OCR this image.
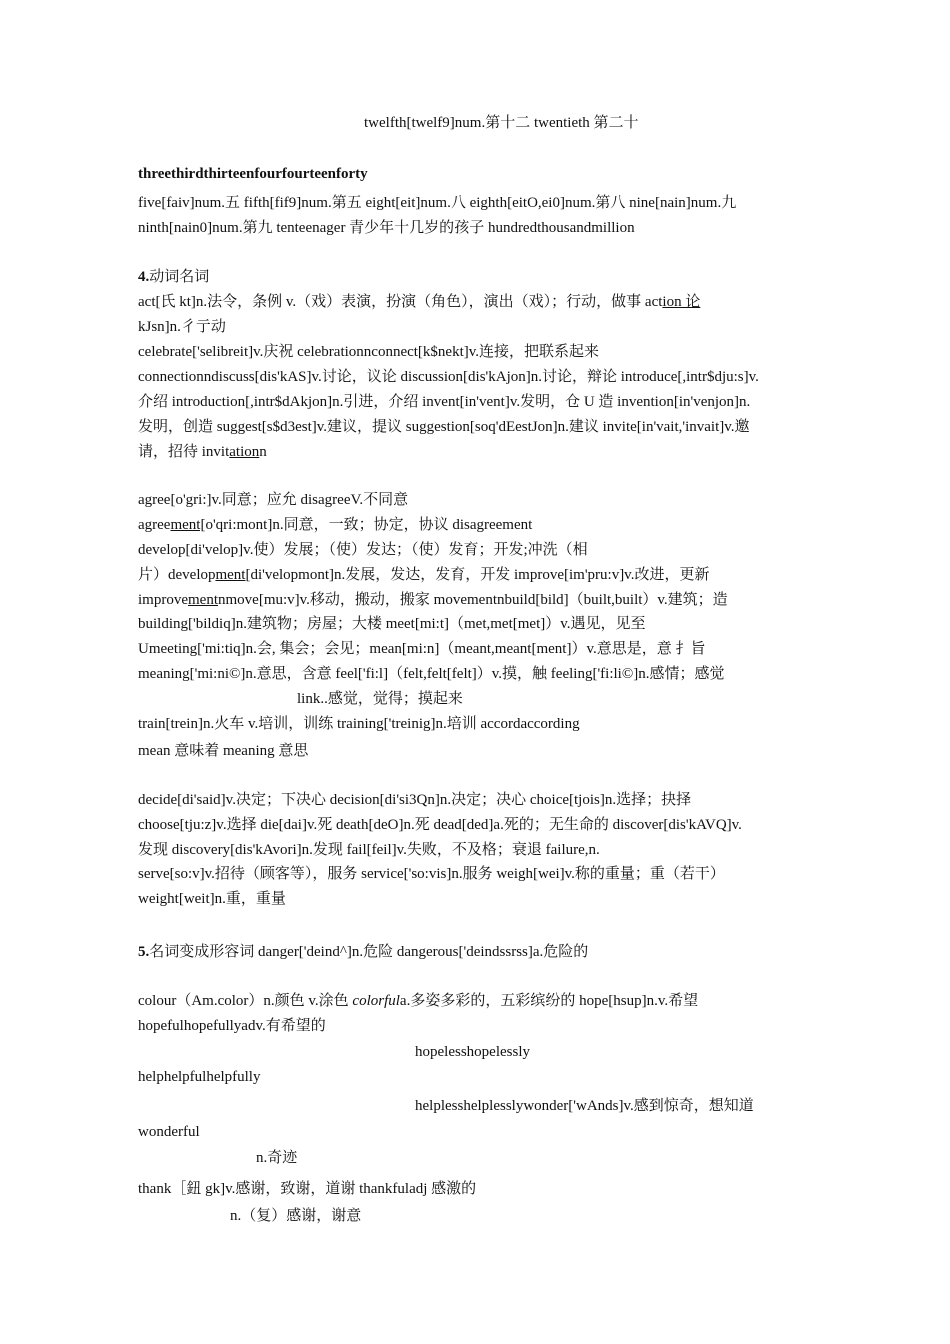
twelfth[twelf9]num.第十二 twentieth 第二十
threethirdthirteenfourfourteenforty
five[faiv]num.五 fifth[fif9]num.第五 eight[eit]num.八 eighth[eitO,ei0]num.第八 nine[nain]num.九
ninth[nain0]num.第九 tenteenager 青少年十几岁的孩子 hundredthousandmillion
4.动词名词
act[氏 kt]n.法令，条例 v.（戏）表演，扮演（角色），演出（戏）；行动，做事 action 论
kJsn]n.彳亍动
celebrate['selibreit]v.庆祝 celebrationnconnect[k$nekt]v.连接，把联系起来
connectionndiscuss[dis'kAS]v.讨论，议论 discussion[dis'kAjon]n.讨论，辩论 introduce[,intr$dju:s]v.
介绍 introduction[,intr$dAkjon]n.引进，介绍 invent[in'vent]v.发明，仓 U 造 invention[in'venjon]n.
发明，创造 suggest[s$d3est]v.建议，提议 suggestion[soq'dEestJon]n.建议 invite[in'vait,'invait]v.邀
请，招待 invitationn
agree[o'gri:]v.同意；应允 disagreeV.不同意
agreement[o'qri:mont]n.同意，一致；协定，协议 disagreement
develop[di'velop]v.使）发展；（使）发达；（使）发育；开发;冲洗（相
片）development[di'velopmont]n.发展，发达，发育，开发 improve[im'pru:v]v.改进，更新
improvementnmove[mu:v]v.移动，搬动，搬家 movementnbuild[bild]（built,built）v.建筑；造
building['bildiq]n.建筑物；房屋；大楼 meet[mi:t]（met,met[met]）v.遇见，见至
Umeeting['mi:tiq]n.会, 集会；会见；mean[mi:n]（meant,meant[ment]）v.意思是，意 扌旨
meaning['mi:ni©]n.意思，含意 feel['fi:l]（felt,felt[felt]）v.摸，触 feeling['fi:li©]n.感情；感觉
link..感觉，觉得；摸起来
train[trein]n.火车 v.培训，训练 training['treinig]n.培训 accordaccording
mean 意味着 meaning 意思
decide[di'said]v.决定；下决心 decision[di'si3Qn]n.决定；决心 choice[tjois]n.选择；抉择
choose[tju:z]v.选择 die[dai]v.死 death[deO]n.死 dead[ded]a.死的；无生命的 discover[dis'kAVQ]v.
发现 discovery[dis'kAvori]n.发现 fail[feil]v.失败，不及格；衰退 failure,n.
serve[so:v]v.招待（顾客等），服务 service['so:vis]n.服务 weigh[wei]v.称的重量；重（若干）
weight[weit]n.重，重量
5.名词变成形容词 danger['deind^]n.危险 dangerous['deindssrss]a.危险的
colour（Am.color）n.颜色 v.涂色 colorfula.多姿多彩的，五彩缤纷的 hope[hsup]n.v.希望
hopefulhopefullyadv.有希望的
hopelesshopelessly
helphelpfulhelpfully
helplesshelplesslywonder['wAnds]v.感到惊奇，想知道
wonderful
n.奇迹
thank［鈕 gk]v.感谢，致谢，道谢 thankfuladj 感激的
n.（复）感谢，谢意
